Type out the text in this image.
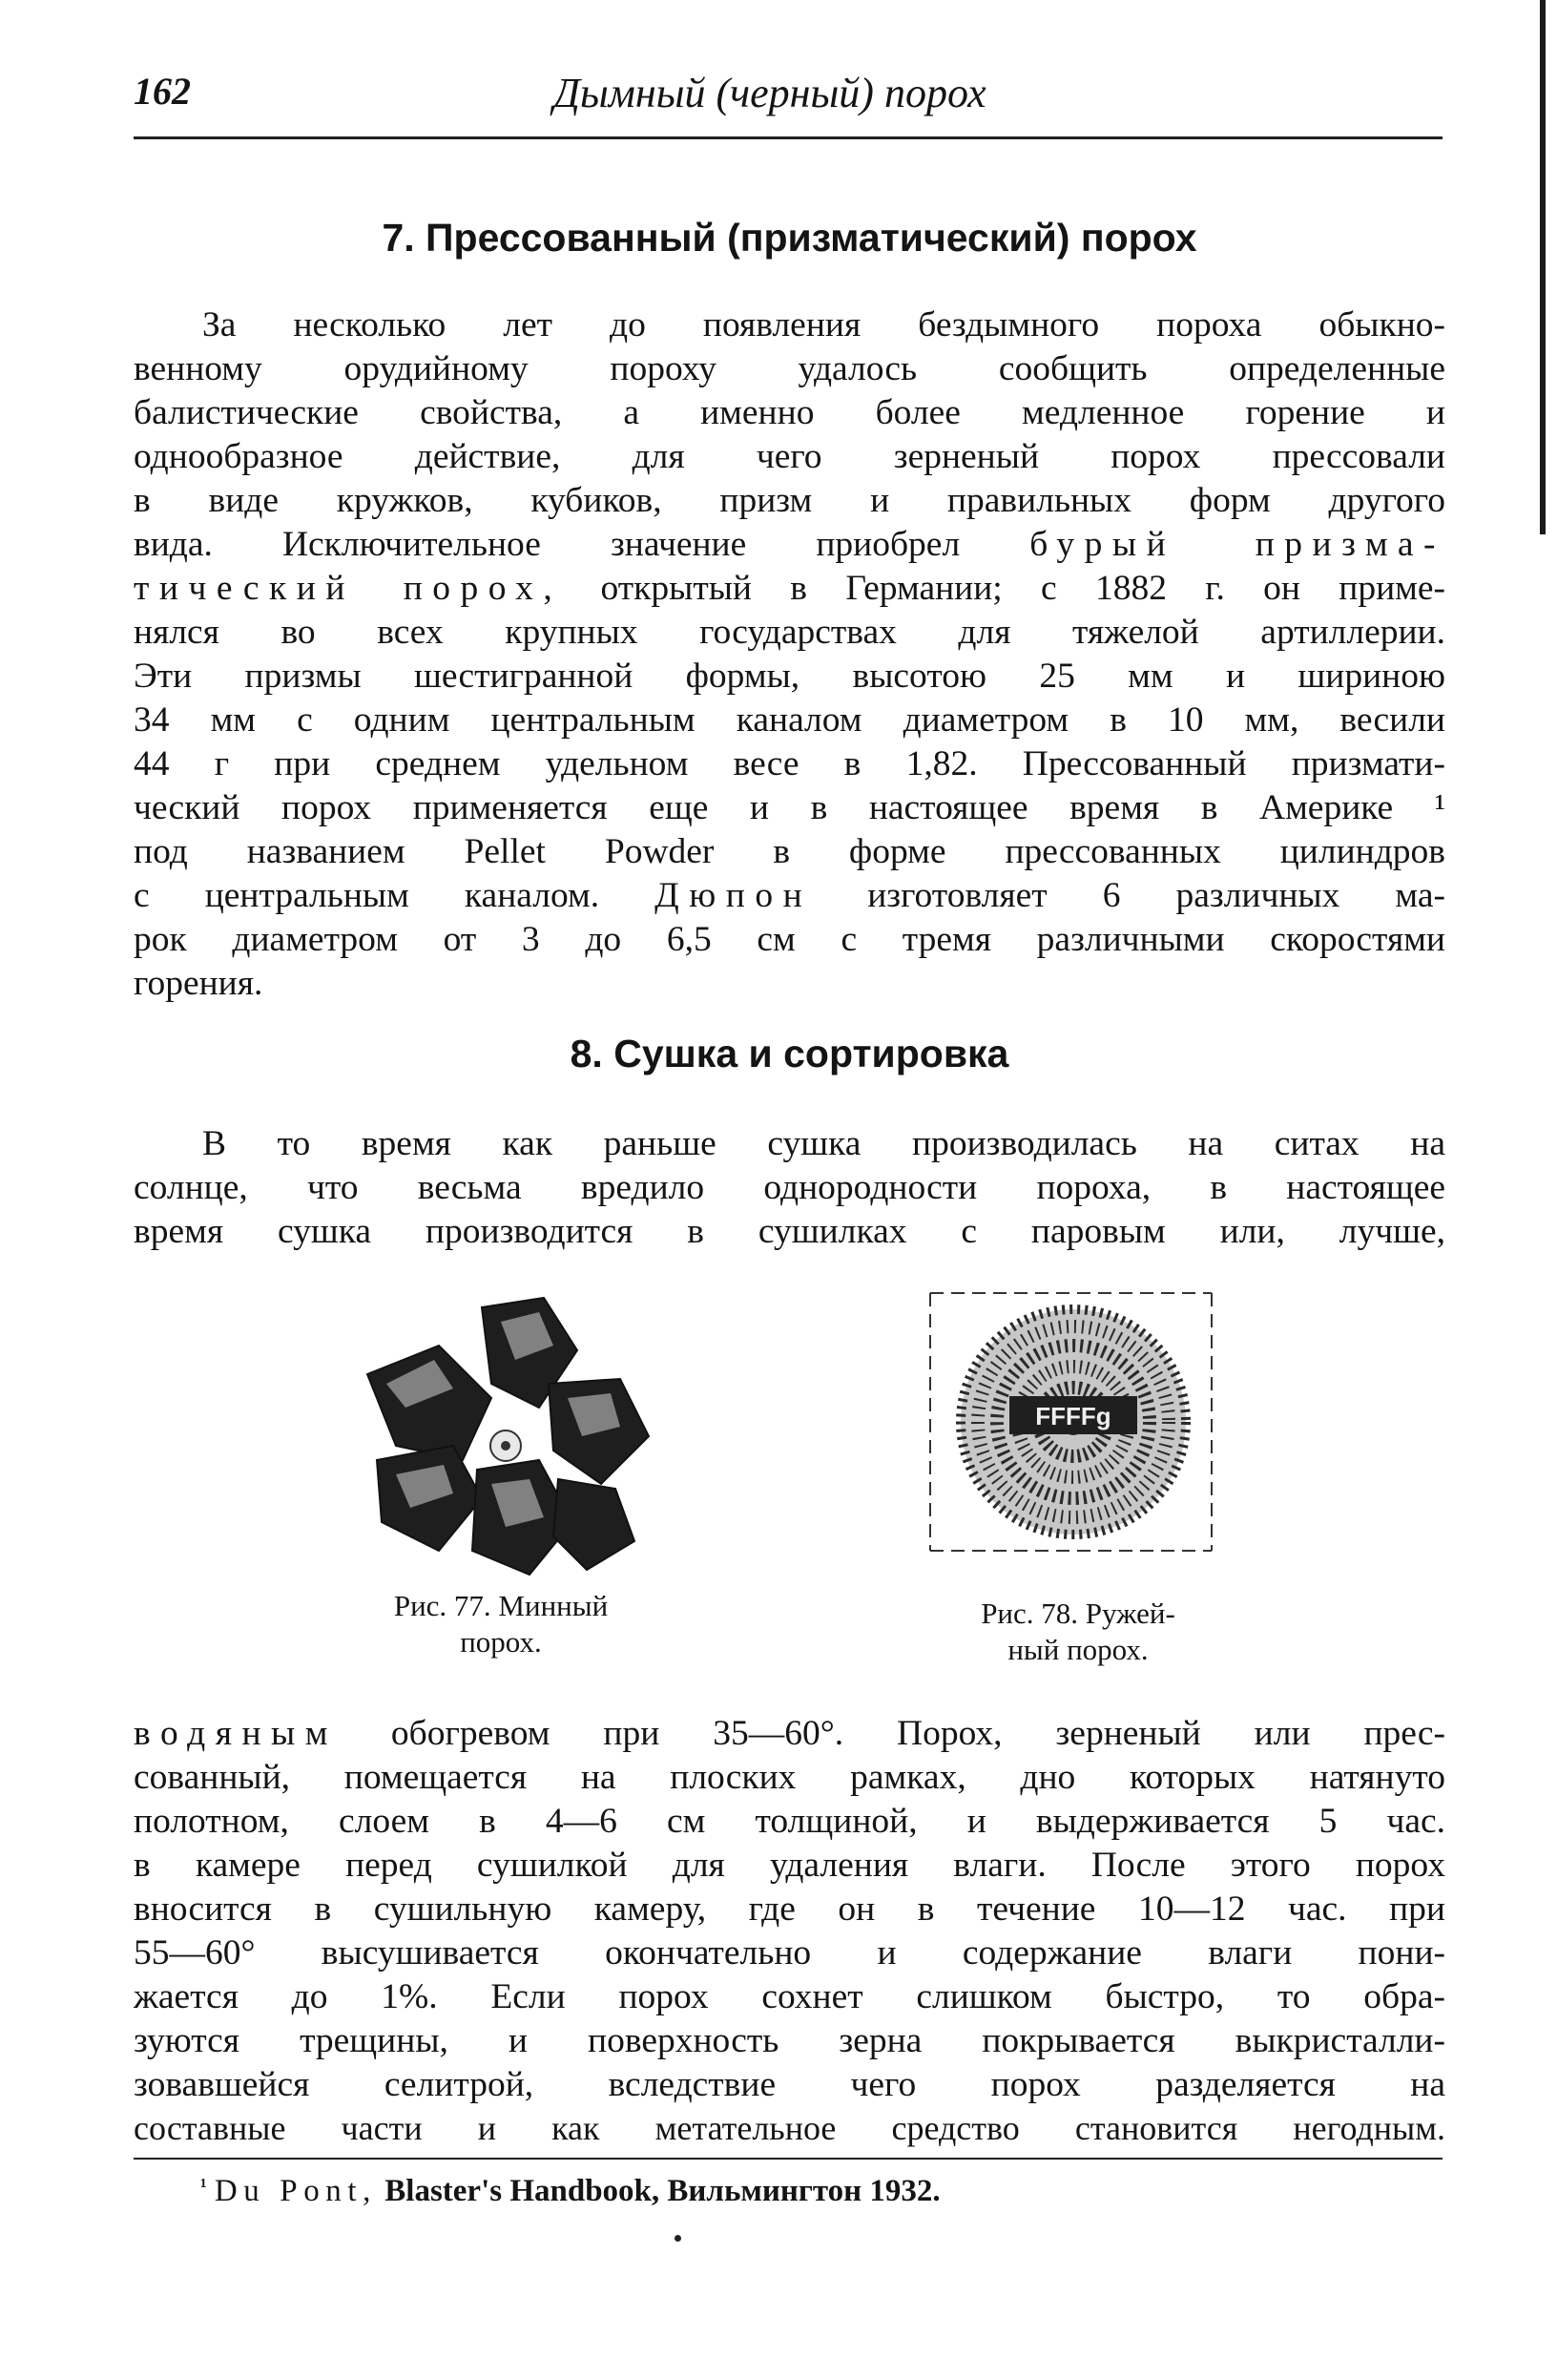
162	Дымный (черный) порох
7. Прессованный (призматический) порох

За несколько лет до появления бездымного пороха обыкно-

венному орудийному пороху удалось сообщить определенные

балистические свойства, а именно более медленное горение и

однообразное действие, для чего зерненый порох прессовали

в виде кружков, кубиков, призм и правильных форм другого

вида. Исключительное значение приобрел бурый призма-

тический порох, открытый в Германии; с 1882 г. он приме-

нялся во всех крупных государствах для тяжелой артиллерии.

Эти призмы шестигранной формы, высотою 25 мм и шириною

34 мм с одним центральным каналом диаметром в 10 мм, весили

44 г при среднем удельном весе в 1,82. Прессованный призмати-

ческий порох применяется еще и в настоящее время в Америке ¹

под названием Pellet Powder в форме прессованных цилиндров

с центральным каналом. Дюпон изготовляет 6 различных ма-

рок диаметром от 3 до 6,5 см с тремя различными скоростями

горения.

8. Сушка и сортировка

В то время как раньше сушка производилась на ситах на

солнце, что весьма вредило однородности пороха, в настоящее

время сушка производится в сушилках с паровым или, лучше,

FFFFg
Рис. 77. Минный
порох.
Рис. 78. Ружей-
ный порох.

водяным обогревом при 35—60°. Порох, зерненый или прес-

сованный, помещается на плоских рамках, дно которых натянуто

полотном, слоем в 4—6 см толщиной, и выдерживается 5 час.

в камере перед сушилкой для удаления влаги. После этого порох

вносится в сушильную камеру, где он в течение 10—12 час. при

55—60° высушивается окончательно и содержание влаги пони-

жается до 1%. Если порох сохнет слишком быстро, то обра-

зуются трещины, и поверхность зерна покрывается выкристалли-

зовавшейся селитрой, вследствие чего порох разделяется на

составные части и как метательное средство становится негодным.

$^{^1}$ Du Pont, Blaster's Handbook, Вильмингтон 1932.
